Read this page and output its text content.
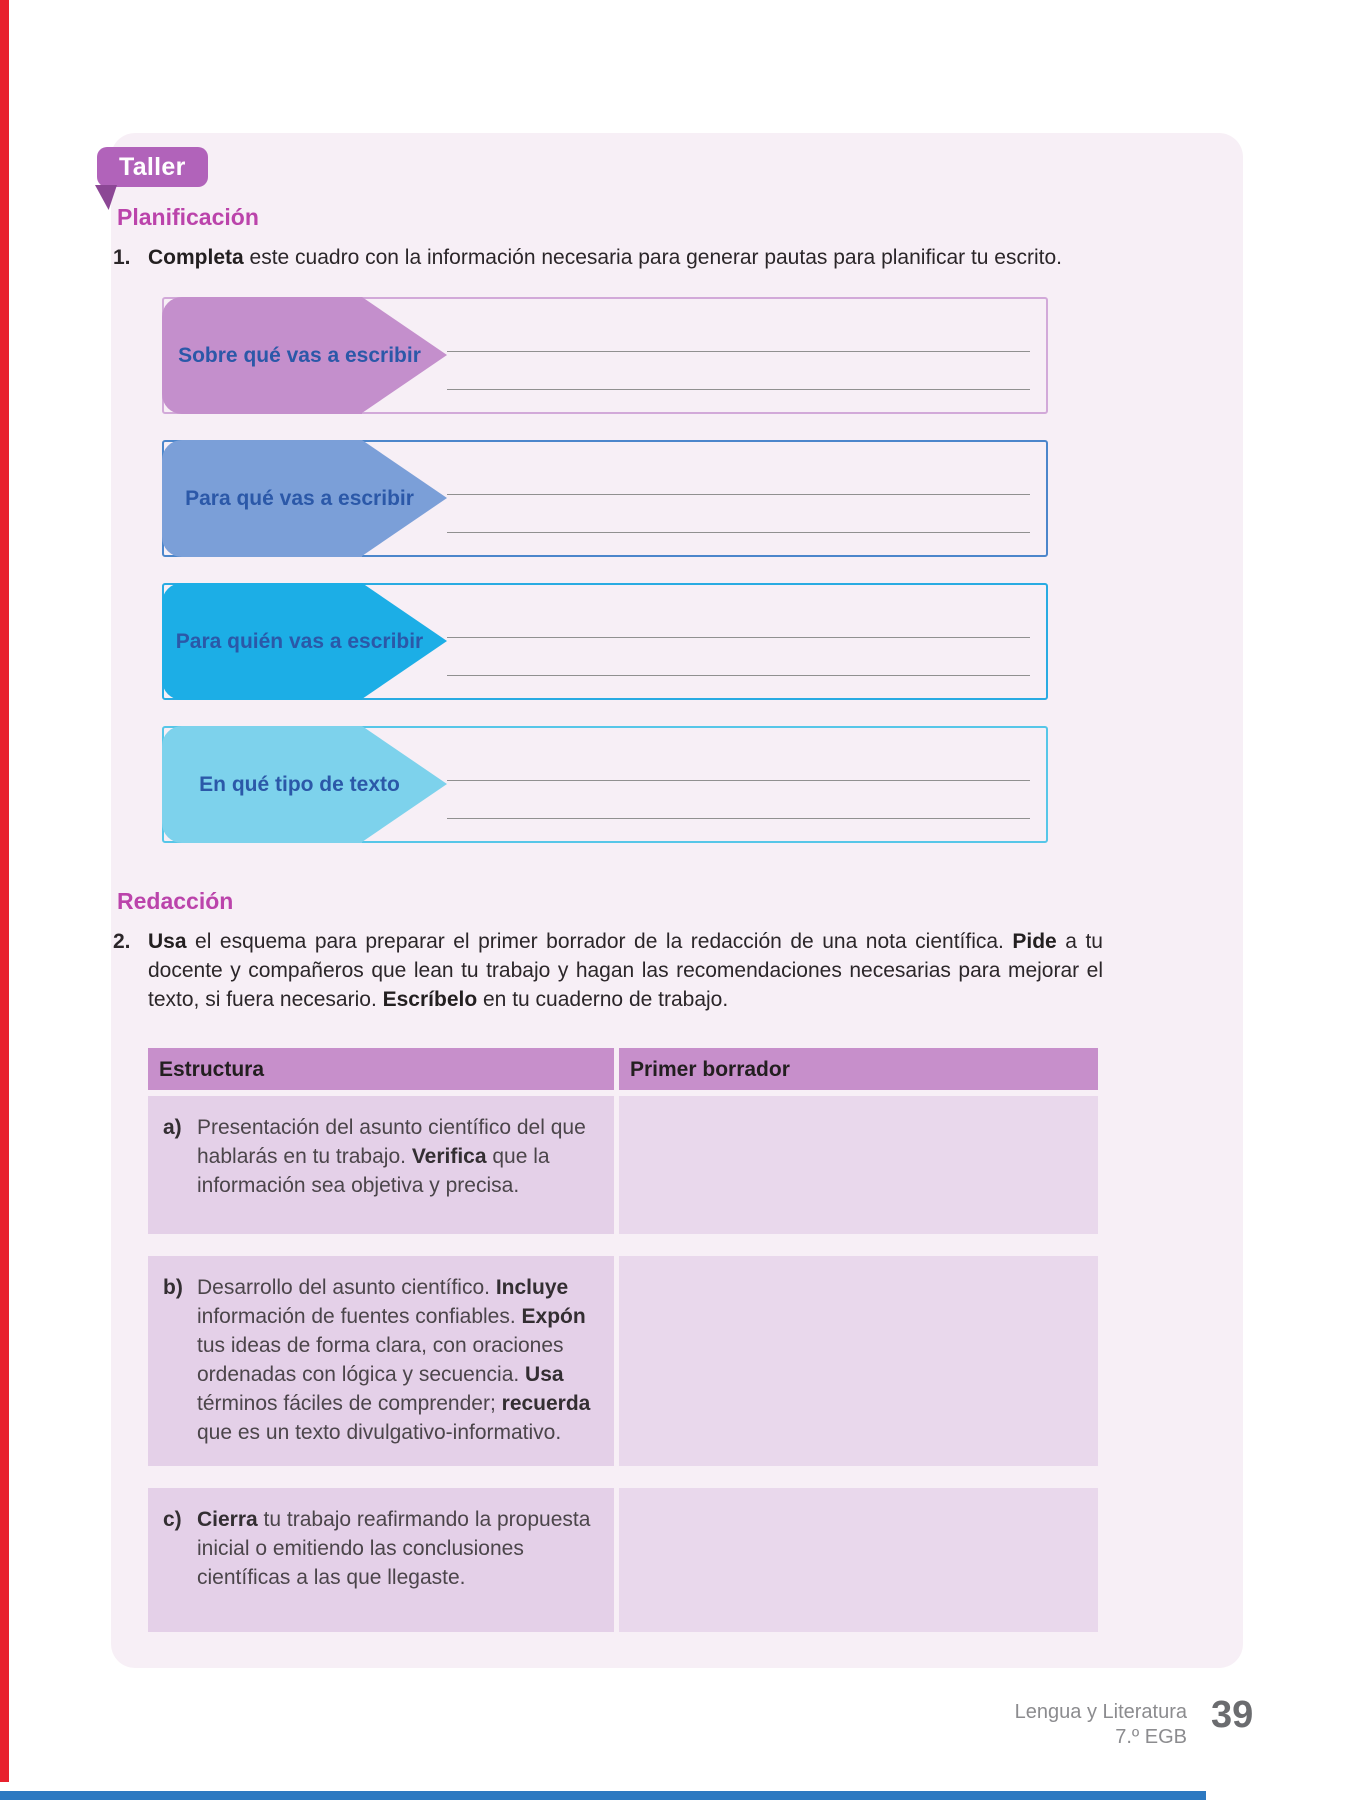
Taller
Planificación
1. Completa este cuadro con la información necesaria para generar pautas para planificar tu escrito.
Sobre qué vas a escribir
Para qué vas a escribir
Para quién vas a escribir
En qué tipo de texto
Redacción
2. Usa el esquema para preparar el primer borrador de la redacción de una nota científica. Pide a tu docente y compañeros que lean tu trabajo y hagan las recomendaciones necesarias para mejorar el texto, si fuera necesario. Escríbelo en tu cuaderno de trabajo.
Estructura	Primer borrador
a) Presentación del asunto científico del que hablarás en tu trabajo. Verifica que la información sea objetiva y precisa.
b) Desarrollo del asunto científico. Incluye información de fuentes confiables. Expón tus ideas de forma clara, con oraciones ordenadas con lógica y secuencia. Usa términos fáciles de comprender; recuerda que es un texto divulgativo-informativo.
c) Cierra tu trabajo reafirmando la propuesta inicial o emitiendo las conclusiones científicas a las que llegaste.
Lengua y Literatura
7.º EGB
39
